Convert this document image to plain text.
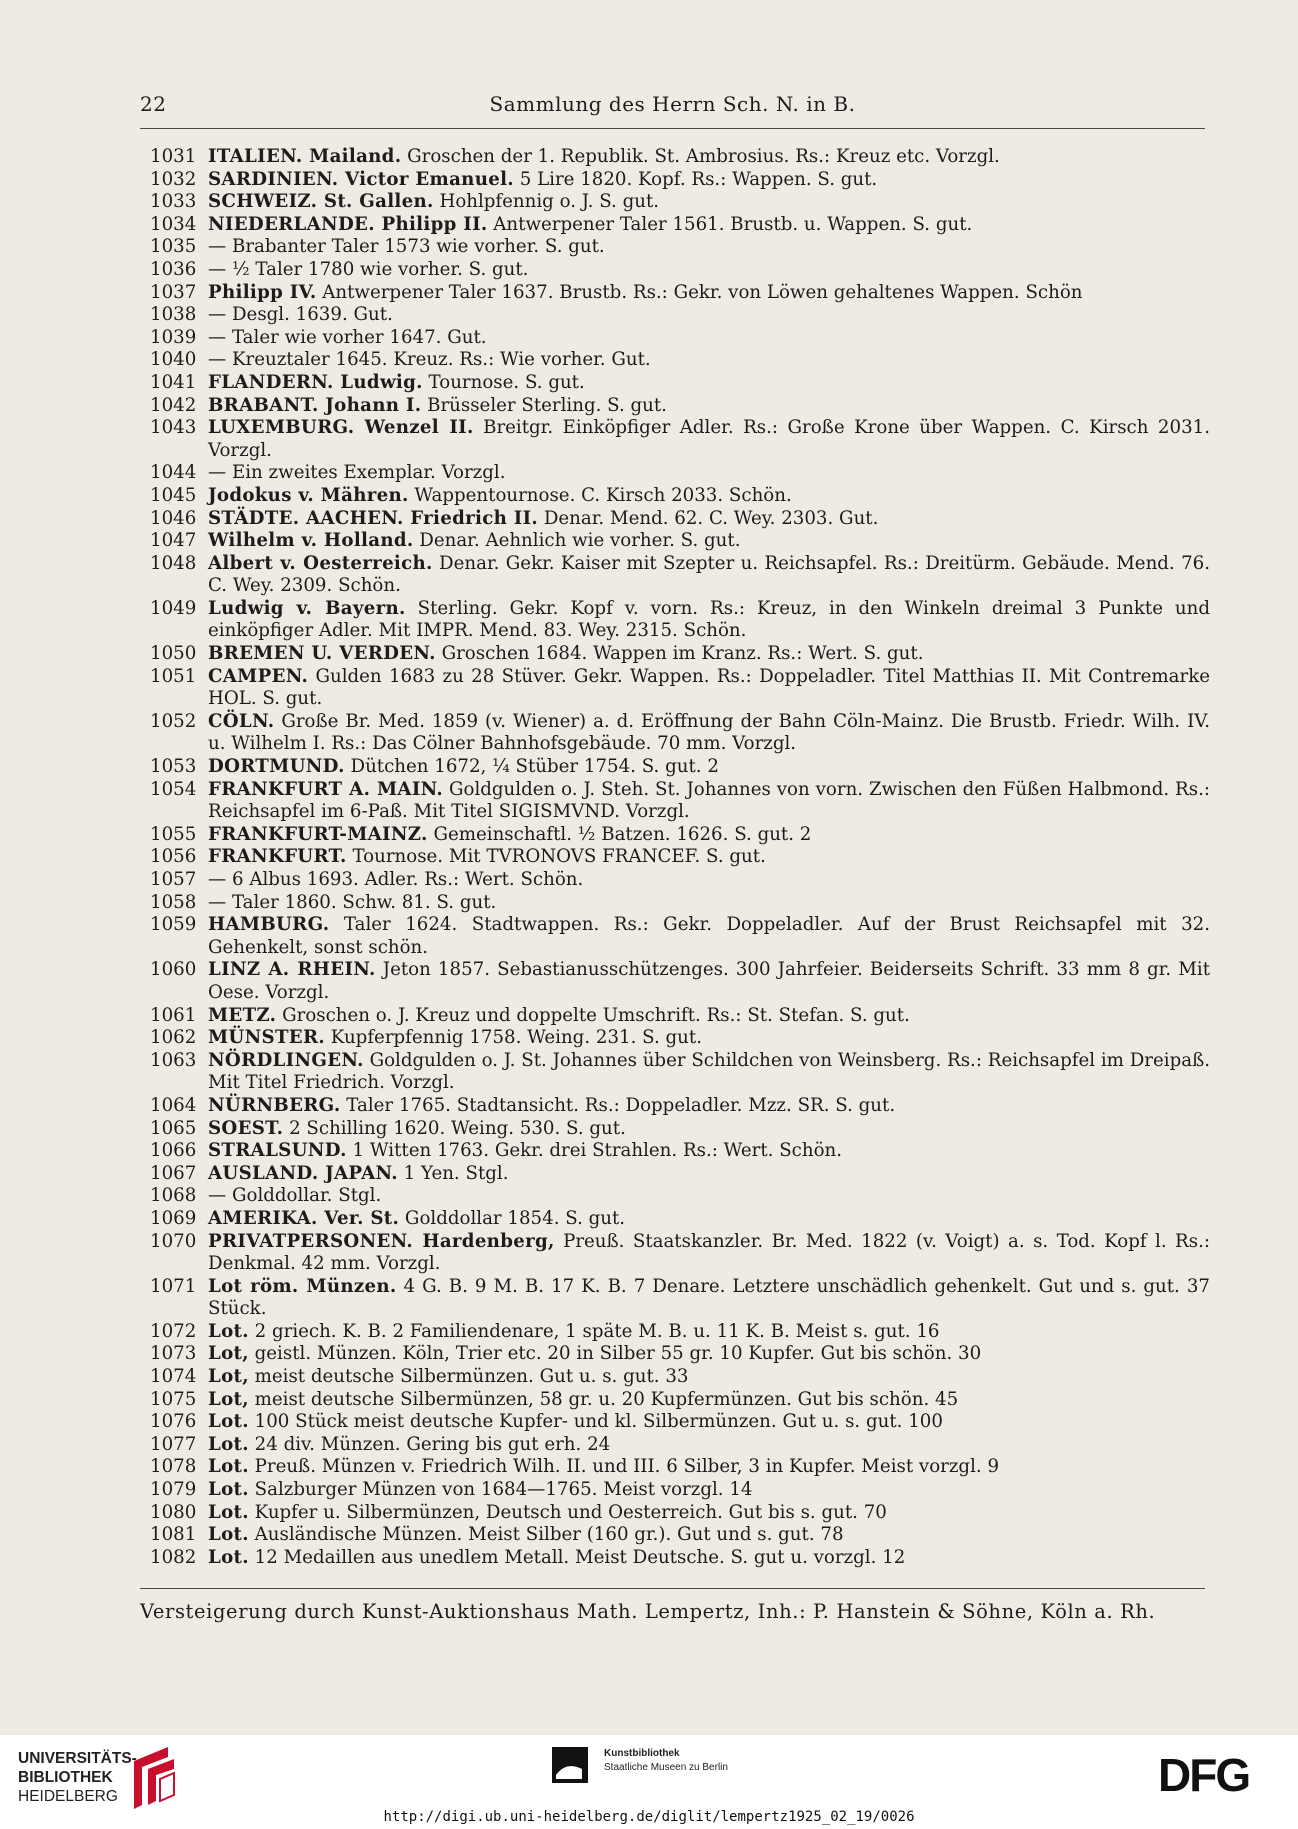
22	Sammlung des Herrn Sch. N. in B.
1031 ITALIEN. Mailand. Groschen der 1. Republik. St. Ambrosius. Rs.: Kreuz etc. Vorzgl.
1032 SARDINIEN. Victor Emanuel. 5 Lire 1820. Kopf. Rs.: Wappen. S. gut.
1033 SCHWEIZ. St. Gallen. Hohlpfennig o. J. S. gut.
1034 NIEDERLANDE. Philipp II. Antwerpener Taler 1561. Brustb. u. Wappen. S. gut.
1035 — Brabanter Taler 1573 wie vorher. S. gut.
1036 — ½ Taler 1780 wie vorher. S. gut.
1037 Philipp IV. Antwerpener Taler 1637. Brustb. Rs.: Gekr. von Löwen gehaltenes Wappen. Schön
1038 — Desgl. 1639. Gut.
1039 — Taler wie vorher 1647. Gut.
1040 — Kreuztaler 1645. Kreuz. Rs.: Wie vorher. Gut.
1041 FLANDERN. Ludwig. Tournose. S. gut.
1042 BRABANT. Johann I. Brüsseler Sterling. S. gut.
1043 LUXEMBURG. Wenzel II. Breitgr. Einköpfiger Adler. Rs.: Große Krone über Wappen. C. Kirsch 2031. Vorzgl.
1044 — Ein zweites Exemplar. Vorzgl.
1045 Jodokus v. Mähren. Wappentournose. C. Kirsch 2033. Schön.
1046 STÄDTE. AACHEN. Friedrich II. Denar. Mend. 62. C. Wey. 2303. Gut.
1047 Wilhelm v. Holland. Denar. Aehnlich wie vorher. S. gut.
1048 Albert v. Oesterreich. Denar. Gekr. Kaiser mit Szepter u. Reichsapfel. Rs.: Dreitürm. Gebäude. Mend. 76. C. Wey. 2309. Schön.
1049 Ludwig v. Bayern. Sterling. Gekr. Kopf v. vorn. Rs.: Kreuz, in den Winkeln dreimal 3 Punkte und einköpfiger Adler. Mit IMPR. Mend. 83. Wey. 2315. Schön.
1050 BREMEN U. VERDEN. Groschen 1684. Wappen im Kranz. Rs.: Wert. S. gut.
1051 CAMPEN. Gulden 1683 zu 28 Stüver. Gekr. Wappen. Rs.: Doppeladler. Titel Matthias II. Mit Contremarke HOL. S. gut.
1052 CÖLN. Große Br. Med. 1859 (v. Wiener) a. d. Eröffnung der Bahn Cöln-Mainz. Die Brustb. Friedr. Wilh. IV. u. Wilhelm I. Rs.: Das Cölner Bahnhofsgebäude. 70 mm. Vorzgl.
1053 DORTMUND. Dütchen 1672, ¼ Stüber 1754. S. gut. 2
1054 FRANKFURT A. MAIN. Goldgulden o. J. Steh. St. Johannes von vorn. Zwischen den Füßen Halbmond. Rs.: Reichsapfel im 6-Paß. Mit Titel SIGISMVND. Vorzgl.
1055 FRANKFURT-MAINZ. Gemeinschaftl. ½ Batzen. 1626. S. gut. 2
1056 FRANKFURT. Tournose. Mit TVRONOVS FRANCEF. S. gut.
1057 — 6 Albus 1693. Adler. Rs.: Wert. Schön.
1058 — Taler 1860. Schw. 81. S. gut.
1059 HAMBURG. Taler 1624. Stadtwappen. Rs.: Gekr. Doppeladler. Auf der Brust Reichsapfel mit 32. Gehenkelt, sonst schön.
1060 LINZ A. RHEIN. Jeton 1857. Sebastianusschützenges. 300 Jahrfeier. Beiderseits Schrift. 33 mm 8 gr. Mit Oese. Vorzgl.
1061 METZ. Groschen o. J. Kreuz und doppelte Umschrift. Rs.: St. Stefan. S. gut.
1062 MÜNSTER. Kupferpfennig 1758. Weing. 231. S. gut.
1063 NÖRDLINGEN. Goldgulden o. J. St. Johannes über Schildchen von Weinsberg. Rs.: Reichsapfel im Dreipaß. Mit Titel Friedrich. Vorzgl.
1064 NÜRNBERG. Taler 1765. Stadtansicht. Rs.: Doppeladler. Mzz. SR. S. gut.
1065 SOEST. 2 Schilling 1620. Weing. 530. S. gut.
1066 STRALSUND. 1 Witten 1763. Gekr. drei Strahlen. Rs.: Wert. Schön.
1067 AUSLAND. JAPAN. 1 Yen. Stgl.
1068 — Golddollar. Stgl.
1069 AMERIKA. Ver. St. Golddollar 1854. S. gut.
1070 PRIVATPERSONEN. Hardenberg, Preuß. Staatskanzler. Br. Med. 1822 (v. Voigt) a. s. Tod. Kopf l. Rs.: Denkmal. 42 mm. Vorzgl.
1071 Lot röm. Münzen. 4 G. B. 9 M. B. 17 K. B. 7 Denare. Letztere unschädlich gehenkelt. Gut und s. gut. 37 Stück.
1072 Lot. 2 griech. K. B. 2 Familiendenare, 1 späte M. B. u. 11 K. B. Meist s. gut. 16
1073 Lot, geistl. Münzen. Köln, Trier etc. 20 in Silber 55 gr. 10 Kupfer. Gut bis schön. 30
1074 Lot, meist deutsche Silbermünzen. Gut u. s. gut. 33
1075 Lot, meist deutsche Silbermünzen, 58 gr. u. 20 Kupfermünzen. Gut bis schön. 45
1076 Lot. 100 Stück meist deutsche Kupfer- und kl. Silbermünzen. Gut u. s. gut. 100
1077 Lot. 24 div. Münzen. Gering bis gut erh. 24
1078 Lot. Preuß. Münzen v. Friedrich Wilh. II. und III. 6 Silber, 3 in Kupfer. Meist vorzgl. 9
1079 Lot. Salzburger Münzen von 1684—1765. Meist vorzgl. 14
1080 Lot. Kupfer u. Silbermünzen, Deutsch und Oesterreich. Gut bis s. gut. 70
1081 Lot. Ausländische Münzen. Meist Silber (160 gr.). Gut und s. gut. 78
1082 Lot. 12 Medaillen aus unedlem Metall. Meist Deutsche. S. gut u. vorzgl. 12
Versteigerung durch Kunst-Auktionshaus Math. Lempertz, Inh.: P. Hanstein & Söhne, Köln a. Rh.
UNIVERSITÄTS-
BIBLIOTHEK
HEIDELBERG
Kunstbibliothek
Staatliche Museen zu Berlin	DFG
http://digi.ub.uni-heidelberg.de/diglit/lempertz1925_02_19/0026
